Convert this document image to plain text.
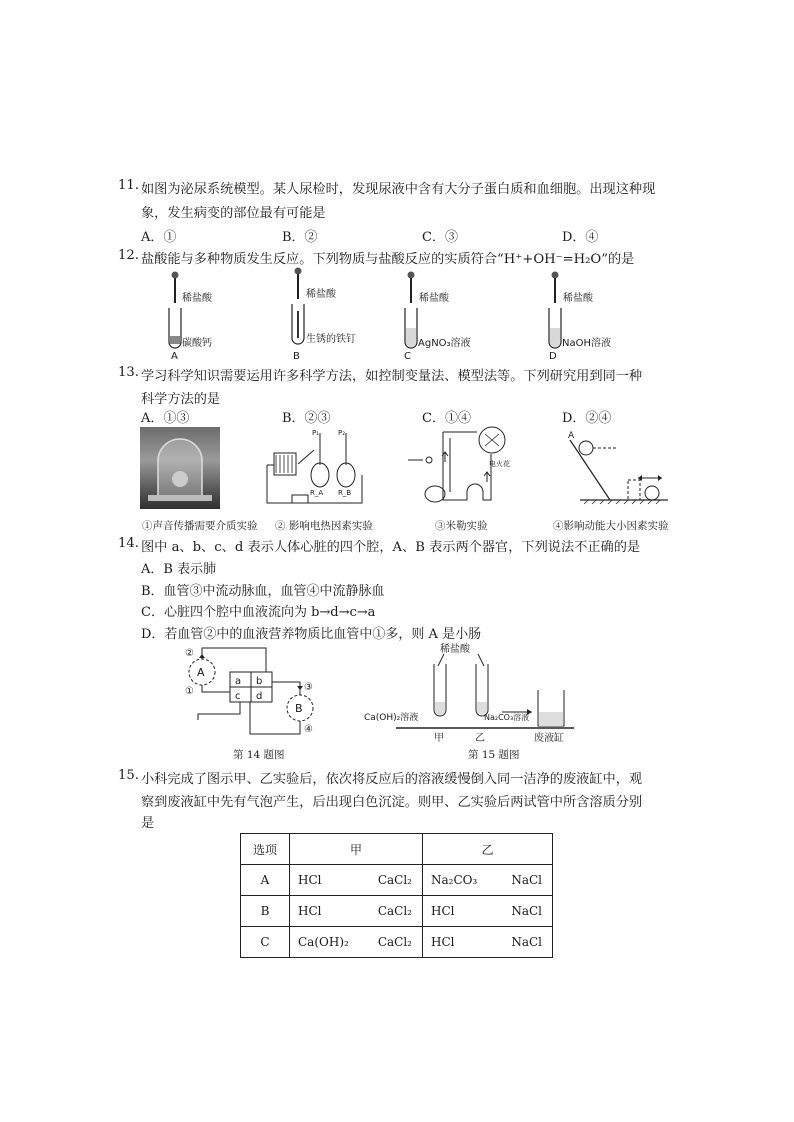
11. 如图为泌尿系统模型。某人尿检时，发现尿液中含有大分子蛋白质和血细胞。出现这种现
象，发生病变的部位最有可能是
A．①	B．②	C．③	D．④
12. 盐酸能与多种物质发生反应。下列物质与盐酸反应的实质符合“H⁺+OH⁻=H₂O”的是
稀盐酸
碳酸钙
A
稀盐酸
生锈的铁钉
B
稀盐酸
AgNO₃溶液
C
稀盐酸
NaOH溶液
D
13. 学习科学知识需要运用许多科学方法，如控制变量法、模型法等。下列研究用到同一种
科学方法的是
A．①③	B．②③	C．①④	D．②④
P₁	P₂
R_A R_B
电火花
A
①声音传播需要介质实验 ② 影响电热因素实验	③米勒实验	④影响动能大小因素实验
14. 图中 a、b、c、d 表示人体心脏的四个腔，A、B 表示两个器官，下列说法不正确的是
A．B 表示肺
B．血管③中流动脉血，血管④中流静脉血
C．心脏四个腔中血液流向为 b→d→c→a
D．若血管②中的血液营养物质比血管中①多，则 A 是小肠
a b
c d
A
B
②
①	③
④
第 14 题图
稀盐酸
Ca(OH)₂溶液	Na₂CO₃溶液
甲	乙	废液缸
第 15 题图
15. 小科完成了图示甲、乙实验后，依次将反应后的溶液缓慢倒入同一洁净的废液缸中，观
察到废液缸中先有气泡产生，后出现白色沉淀。则甲、乙实验后两试管中所含溶质分别
是
选项	甲	乙
A	HCl CaCl₂	Na₂CO₃ NaCl

B	HCl CaCl₂	HCl NaCl

C	Ca(OH)₂ CaCl₂	HCl NaCl
